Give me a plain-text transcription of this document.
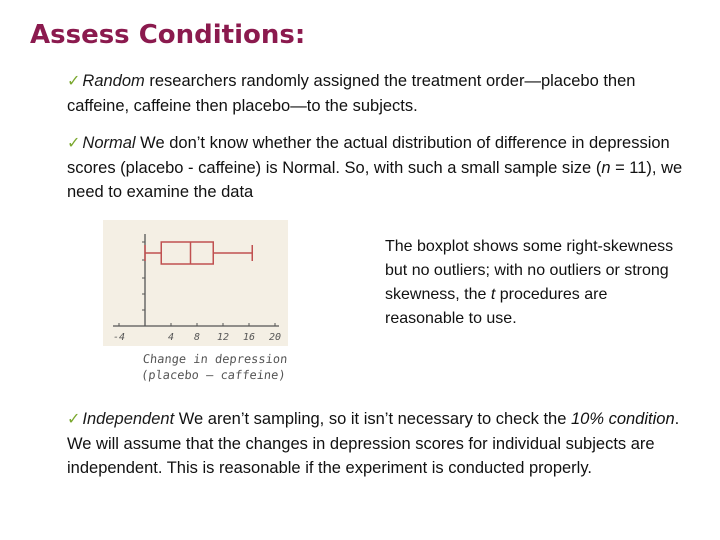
Assess Conditions:
✓ Random researchers randomly assigned the treatment order—placebo then caffeine, caffeine then placebo—to the subjects.
✓ Normal We don’t know whether the actual distribution of difference in depression scores (placebo - caffeine) is Normal. So, with such a small sample size (n = 11), we need to examine the data
-4	4 8 12 16 20
Change in depression
(placebo – caffeine)
The boxplot shows some right-skewness but no outliers; with no outliers or strong skewness, the t procedures are reasonable to use.
✓ Independent We aren’t sampling, so it isn’t necessary to check the 10% condition. We will assume that the changes in depression scores for individual subjects are independent. This is reasonable if the experiment is conducted properly.
